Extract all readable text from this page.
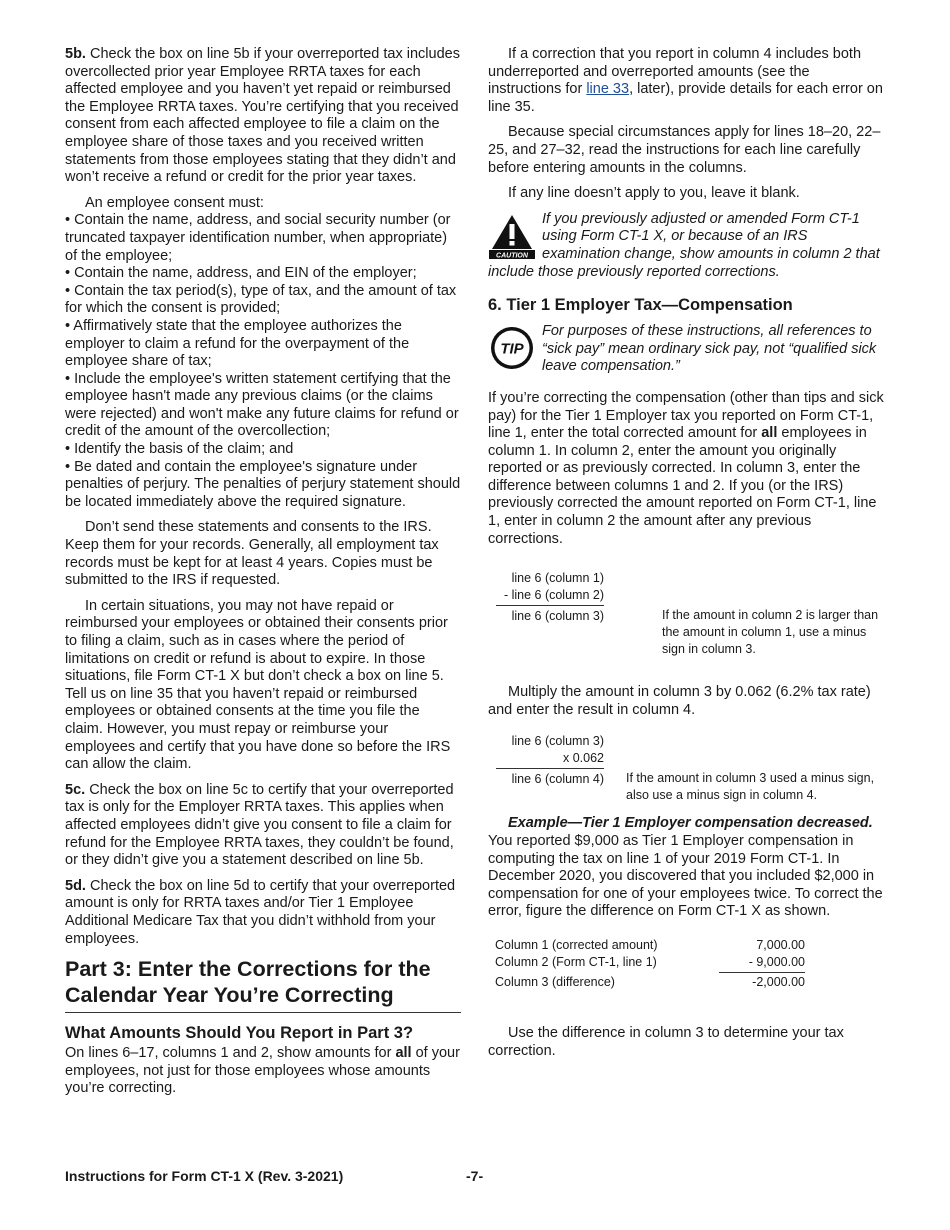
5b. Check the box on line 5b if your overreported tax includes overcollected prior year Employee RRTA taxes for each affected employee and you haven’t yet repaid or reimbursed the Employee RRTA taxes. You’re certifying that you received consent from each affected employee to file a claim on the employee share of those taxes and you received written statements from those employees stating that they didn’t and won’t receive a refund or credit for the prior year taxes.

An employee consent must:

• Contain the name, address, and social security number (or truncated taxpayer identification number, when appropriate) of the employee;

• Contain the name, address, and EIN of the employer;

• Contain the tax period(s), type of tax, and the amount of tax for which the consent is provided;

• Affirmatively state that the employee authorizes the employer to claim a refund for the overpayment of the employee share of tax;

• Include the employee's written statement certifying that the employee hasn't made any previous claims (or the claims were rejected) and won't make any future claims for refund or credit of the amount of the overcollection;

• Identify the basis of the claim; and

• Be dated and contain the employee's signature under penalties of perjury. The penalties of perjury statement should be located immediately above the required signature.

Don’t send these statements and consents to the IRS. Keep them for your records. Generally, all employment tax records must be kept for at least 4 years. Copies must be submitted to the IRS if requested.

In certain situations, you may not have repaid or reimbursed your employees or obtained their consents prior to filing a claim, such as in cases where the period of limitations on credit or refund is about to expire. In those situations, file Form CT-1 X but don’t check a box on line 5. Tell us on line 35 that you haven’t repaid or reimbursed employees or obtained consents at the time you file the claim. However, you must repay or reimburse your employees and certify that you have done so before the IRS can allow the claim.

5c. Check the box on line 5c to certify that your overreported tax is only for the Employer RRTA taxes. This applies when affected employees didn’t give you consent to file a claim for refund for the Employee RRTA taxes, they couldn’t be found, or they didn’t give you a statement described on line 5b.

5d. Check the box on line 5d to certify that your overreported amount is only for RRTA taxes and/or Tier 1 Employee Additional Medicare Tax that you didn’t withhold from your employees.

Part 3: Enter the Corrections for the Calendar Year You’re Correcting
What Amounts Should You Report in Part 3?

On lines 6–17, columns 1 and 2, show amounts for all of your employees, not just for those employees whose amounts you’re correcting.

If a correction that you report in column 4 includes both underreported and overreported amounts (see the instructions for line 33, later), provide details for each error on line 35.

Because special circumstances apply for lines 18–20, 22–25, and 27–32, read the instructions for each line carefully before entering amounts in the columns.

If any line doesn’t apply to you, leave it blank.

CAUTION
If you previously adjusted or amended Form CT-1 using Form CT-1 X, or because of an IRS examination change, show amounts in column 2 that include those previously reported corrections.
6. Tier 1 Employer Tax—Compensation
TIP
For purposes of these instructions, all references to “sick pay” mean ordinary sick pay, not “qualified sick leave compensation.”

If you’re correcting the compensation (other than tips and sick pay) for the Tier 1 Employer tax you reported on Form CT-1, line 1, enter the total corrected amount for all employees in column 1. In column 2, enter the amount you originally reported or as previously corrected. In column 3, enter the difference between columns 1 and 2. If you (or the IRS) previously corrected the amount reported on Form CT-1, line 1, enter in column 2 the amount after any previous corrections.

line 6 (column 1)
- line 6 (column 2)
line 6 (column 3)	If the amount in column 2 is larger than the amount in column 1, use a minus sign in column 3.

Multiply the amount in column 3 by 0.062 (6.2% tax rate) and enter the result in column 4.

line 6 (column 3)
x 0.062
line 6 (column 4) If the amount in column 3 used a minus sign, also use a minus sign in column 4.

Example—Tier 1 Employer compensation decreased. You reported $9,000 as Tier 1 Employer compensation in computing the tax on line 1 of your 2019 Form CT-1. In December 2020, you discovered that you included $2,000 in compensation for one of your employees twice. To correct the error, figure the difference on Form CT-1 X as shown.

Column 1 (corrected amount)	7,000.00
Column 2 (Form CT-1, line 1)	- 9,000.00
Column 3 (difference)	-2,000.00

Use the difference in column 3 to determine your tax correction.

Instructions for Form CT-1 X (Rev. 3-2021)	-7-
